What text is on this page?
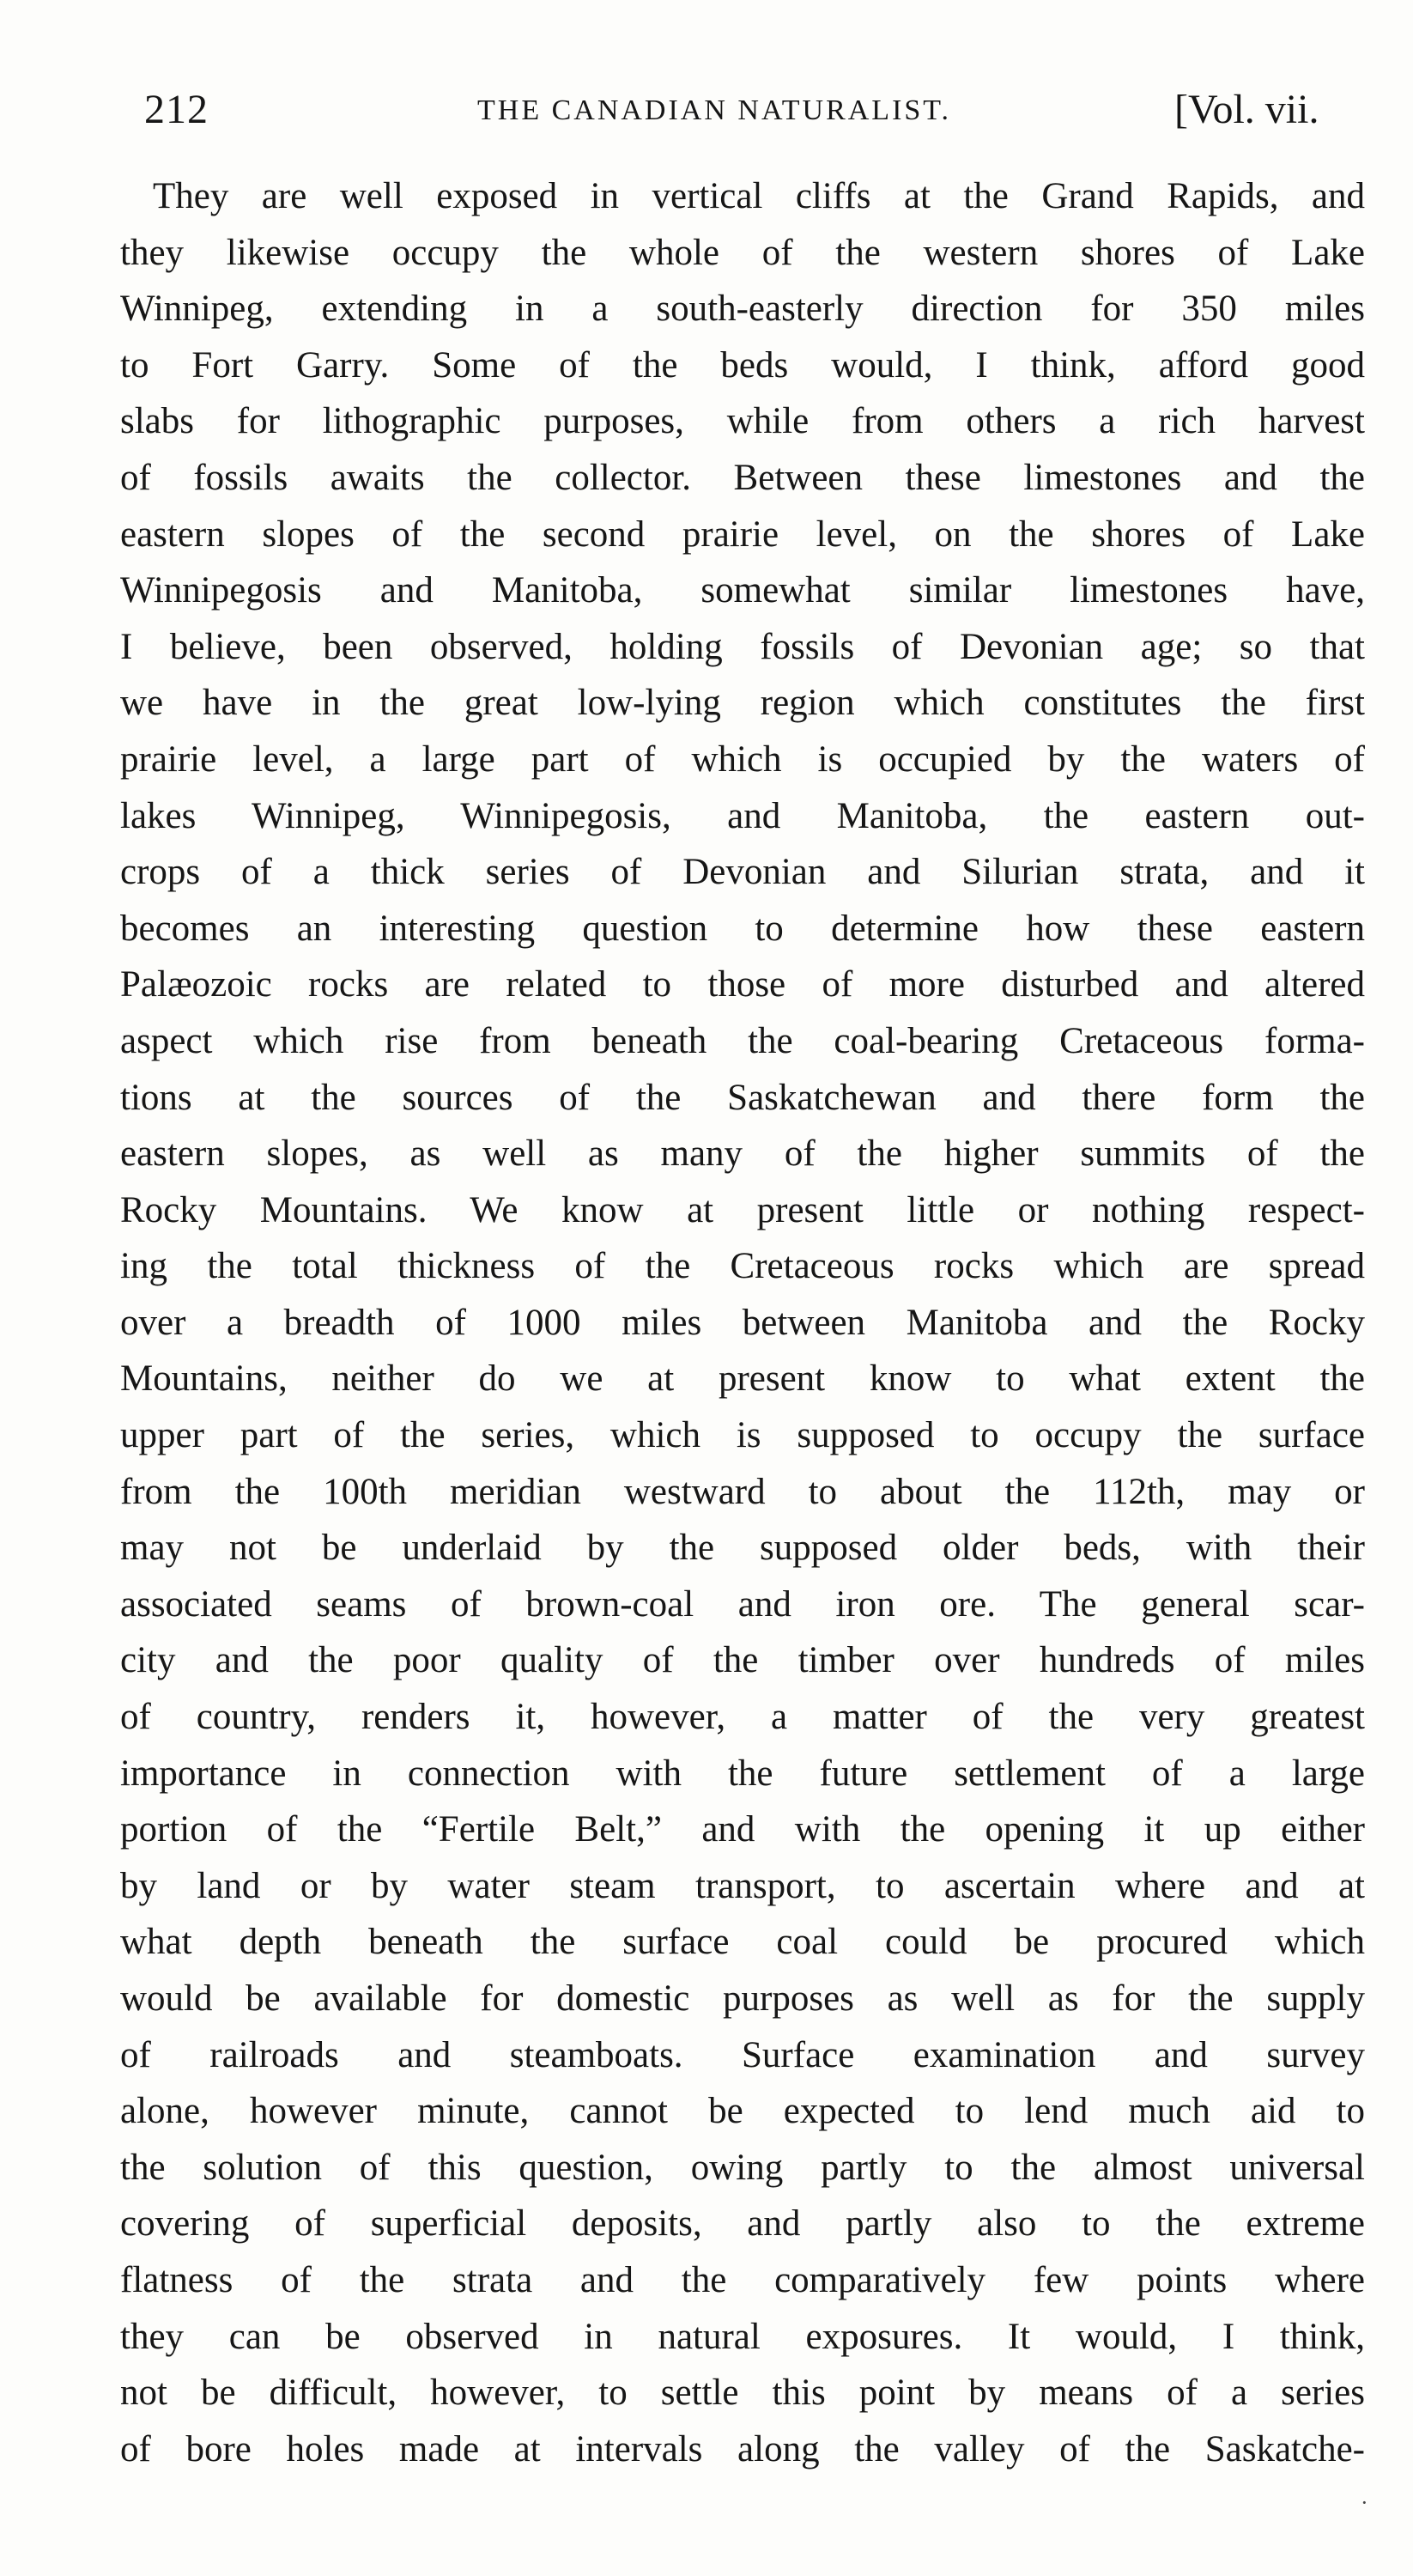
212	THE CANADIAN NATURALIST.	[Vol. vii.
They are well exposed in vertical cliffs at the Grand Rapids, and
they likewise occupy the whole of the western shores of Lake
Winnipeg, extending in a south-easterly direction for 350 miles
to Fort Garry. Some of the beds would, I think, afford good
slabs for lithographic purposes, while from others a rich harvest
of fossils awaits the collector. Between these limestones and the
eastern slopes of the second prairie level, on the shores of Lake
Winnipegosis and Manitoba, somewhat similar limestones have,
I believe, been observed, holding fossils of Devonian age; so that
we have in the great low-lying region which constitutes the first
prairie level, a large part of which is occupied by the waters of
lakes Winnipeg, Winnipegosis, and Manitoba, the eastern out-
crops of a thick series of Devonian and Silurian strata, and it
becomes an interesting question to determine how these eastern
Palæozoic rocks are related to those of more disturbed and altered
aspect which rise from beneath the coal-bearing Cretaceous forma-
tions at the sources of the Saskatchewan and there form the
eastern slopes, as well as many of the higher summits of the
Rocky Mountains. We know at present little or nothing respect-
ing the total thickness of the Cretaceous rocks which are spread
over a breadth of 1000 miles between Manitoba and the Rocky
Mountains, neither do we at present know to what extent the
upper part of the series, which is supposed to occupy the surface
from the 100th meridian westward to about the 112th, may or
may not be underlaid by the supposed older beds, with their
associated seams of brown-coal and iron ore. The general scar-
city and the poor quality of the timber over hundreds of miles
of country, renders it, however, a matter of the very greatest
importance in connection with the future settlement of a large
portion of the “Fertile Belt,” and with the opening it up either
by land or by water steam transport, to ascertain where and at
what depth beneath the surface coal could be procured which
would be available for domestic purposes as well as for the supply
of railroads and steamboats. Surface examination and survey
alone, however minute, cannot be expected to lend much aid to
the solution of this question, owing partly to the almost universal
covering of superficial deposits, and partly also to the extreme
flatness of the strata and the comparatively few points where
they can be observed in natural exposures. It would, I think,
not be difficult, however, to settle this point by means of a series
of bore holes made at intervals along the valley of the Saskatche-
·
